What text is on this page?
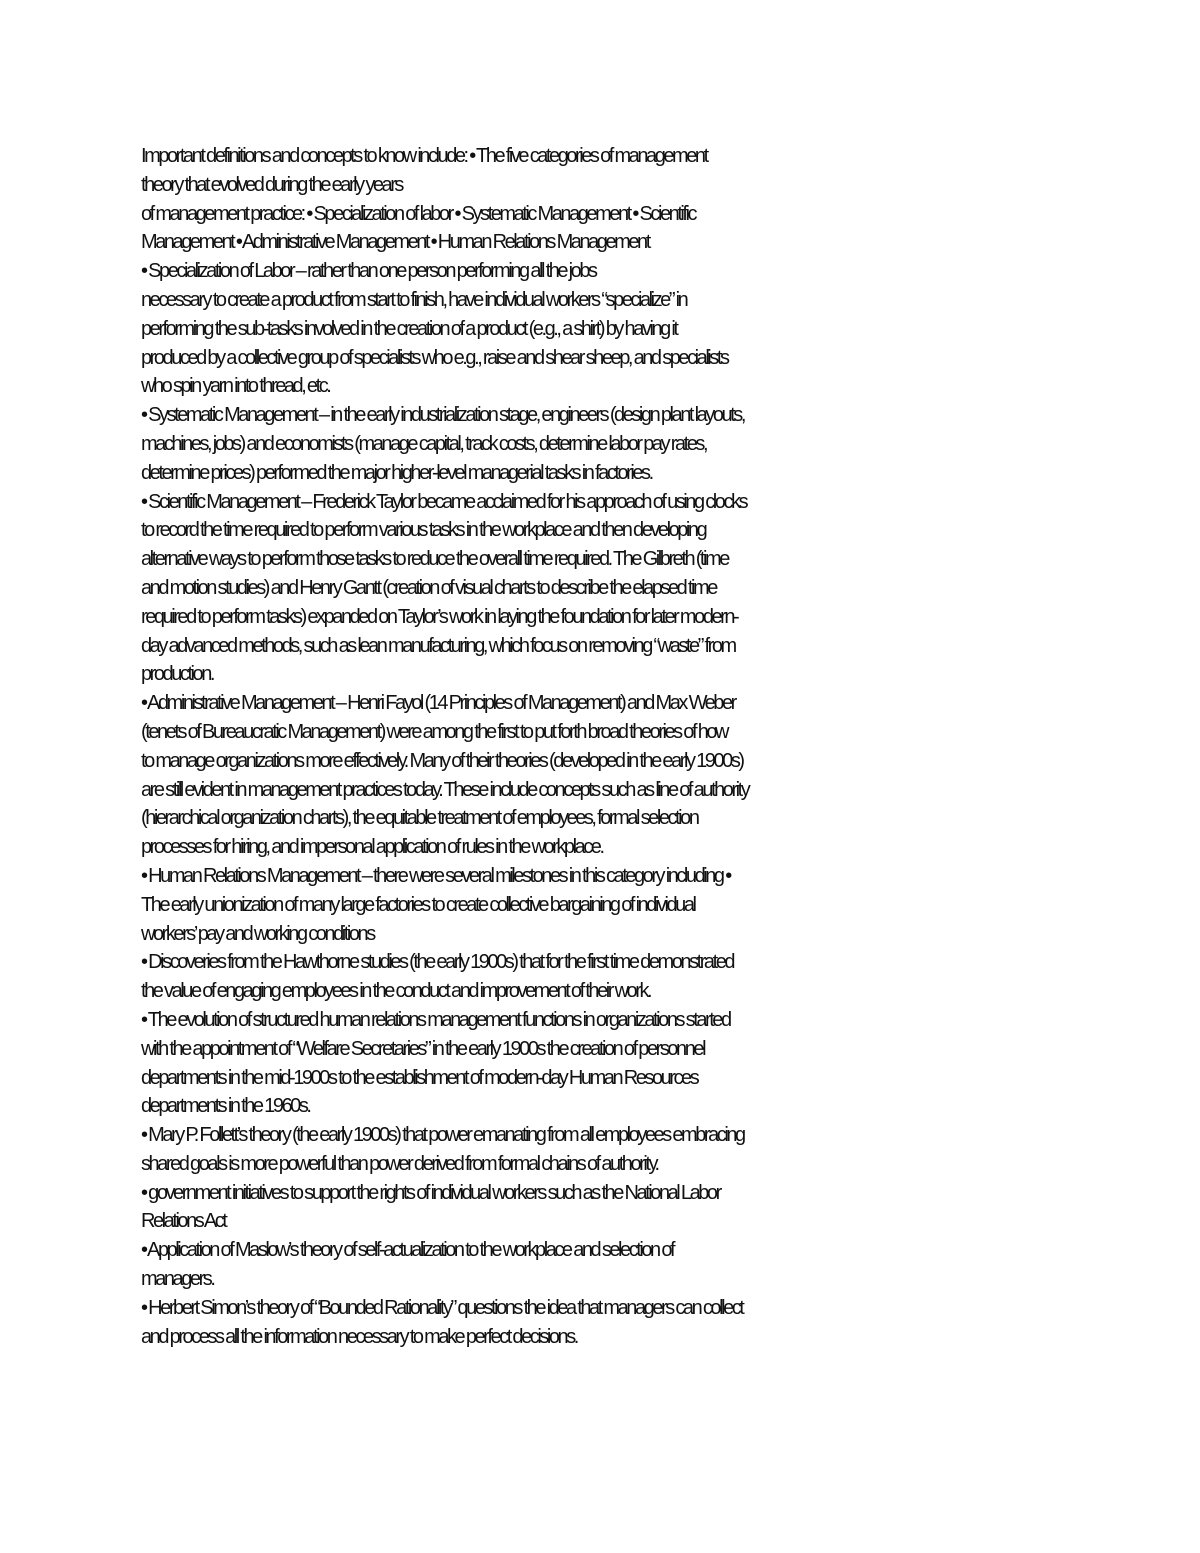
Important definitions and concepts to know include: • The five categories of management
theory that evolved during the early years
of management practice: • Specialization of labor • Systematic Management • Scientific
Management • Administrative Management • Human Relations Management
• Specialization of Labor – rather than one person performing all the jobs
necessary to create a product from start to finish, have individual workers “specialize” in
performing the sub-tasks involved in the creation of a product (e.g., a shirt) by having it
produced by a collective group of specialists who e.g., raise and shear sheep, and specialists
who spin yarn into thread, etc.
• Systematic Management – in the early industrialization stage, engineers (design plant layouts,
machines, jobs) and economists (manage capital, track costs, determine labor pay rates,
determine prices) performed the major higher-level managerial tasks in factories.
• Scientific Management – Frederick Taylor became acclaimed for his approach of using clocks
to record the time required to perform various tasks in the workplace and then developing
alternative ways to perform those tasks to reduce the overall time required. The Gilbreth (time
and motion studies) and Henry Gantt (creation of visual charts to describe the elapsed time
required to perform tasks) expanded on Taylor’s work in laying the foundation for later modern-
day advanced methods, such as lean manufacturing, which focus on removing “waste” from
production.
• Administrative Management – Henri Fayol (14 Principles of Management) and Max Weber
(tenets of Bureaucratic Management) were among the first to put forth broad theories of how
to manage organizations more effectively. Many of their theories (developed in the early 1900s)
are still evident in management practices today. These include concepts such as line of authority
(hierarchical organization charts), the equitable treatment of employees, formal selection
processes for hiring, and impersonal application of rules in the workplace.
• Human Relations Management – there were several milestones in this category including •
The early unionization of many large factories to create collective bargaining of individual
workers’ pay and working conditions
• Discoveries from the Hawthorne studies (the early 1900s) that for the first time demonstrated
the value of engaging employees in the conduct and improvement of their work.
• The evolution of structured human relations management functions in organizations started
with the appointment of “Welfare Secretaries” in the early 1900s the creation of personnel
departments in the mid-1900s to the establishment of modern-day Human Resources
departments in the 1960s.
• Mary P. Follett’s theory (the early 1900s) that power emanating from all employees embracing
shared goals is more powerful than power derived from formal chains of authority.
• government initiatives to support the rights of individual workers such as the National Labor
Relations Act
• Application of Maslow’s theory of self-actualization to the workplace and selection of
managers.
• Herbert Simon’s theory of “Bounded Rationality” questions the idea that managers can collect
and process all the information necessary to make perfect decisions.
